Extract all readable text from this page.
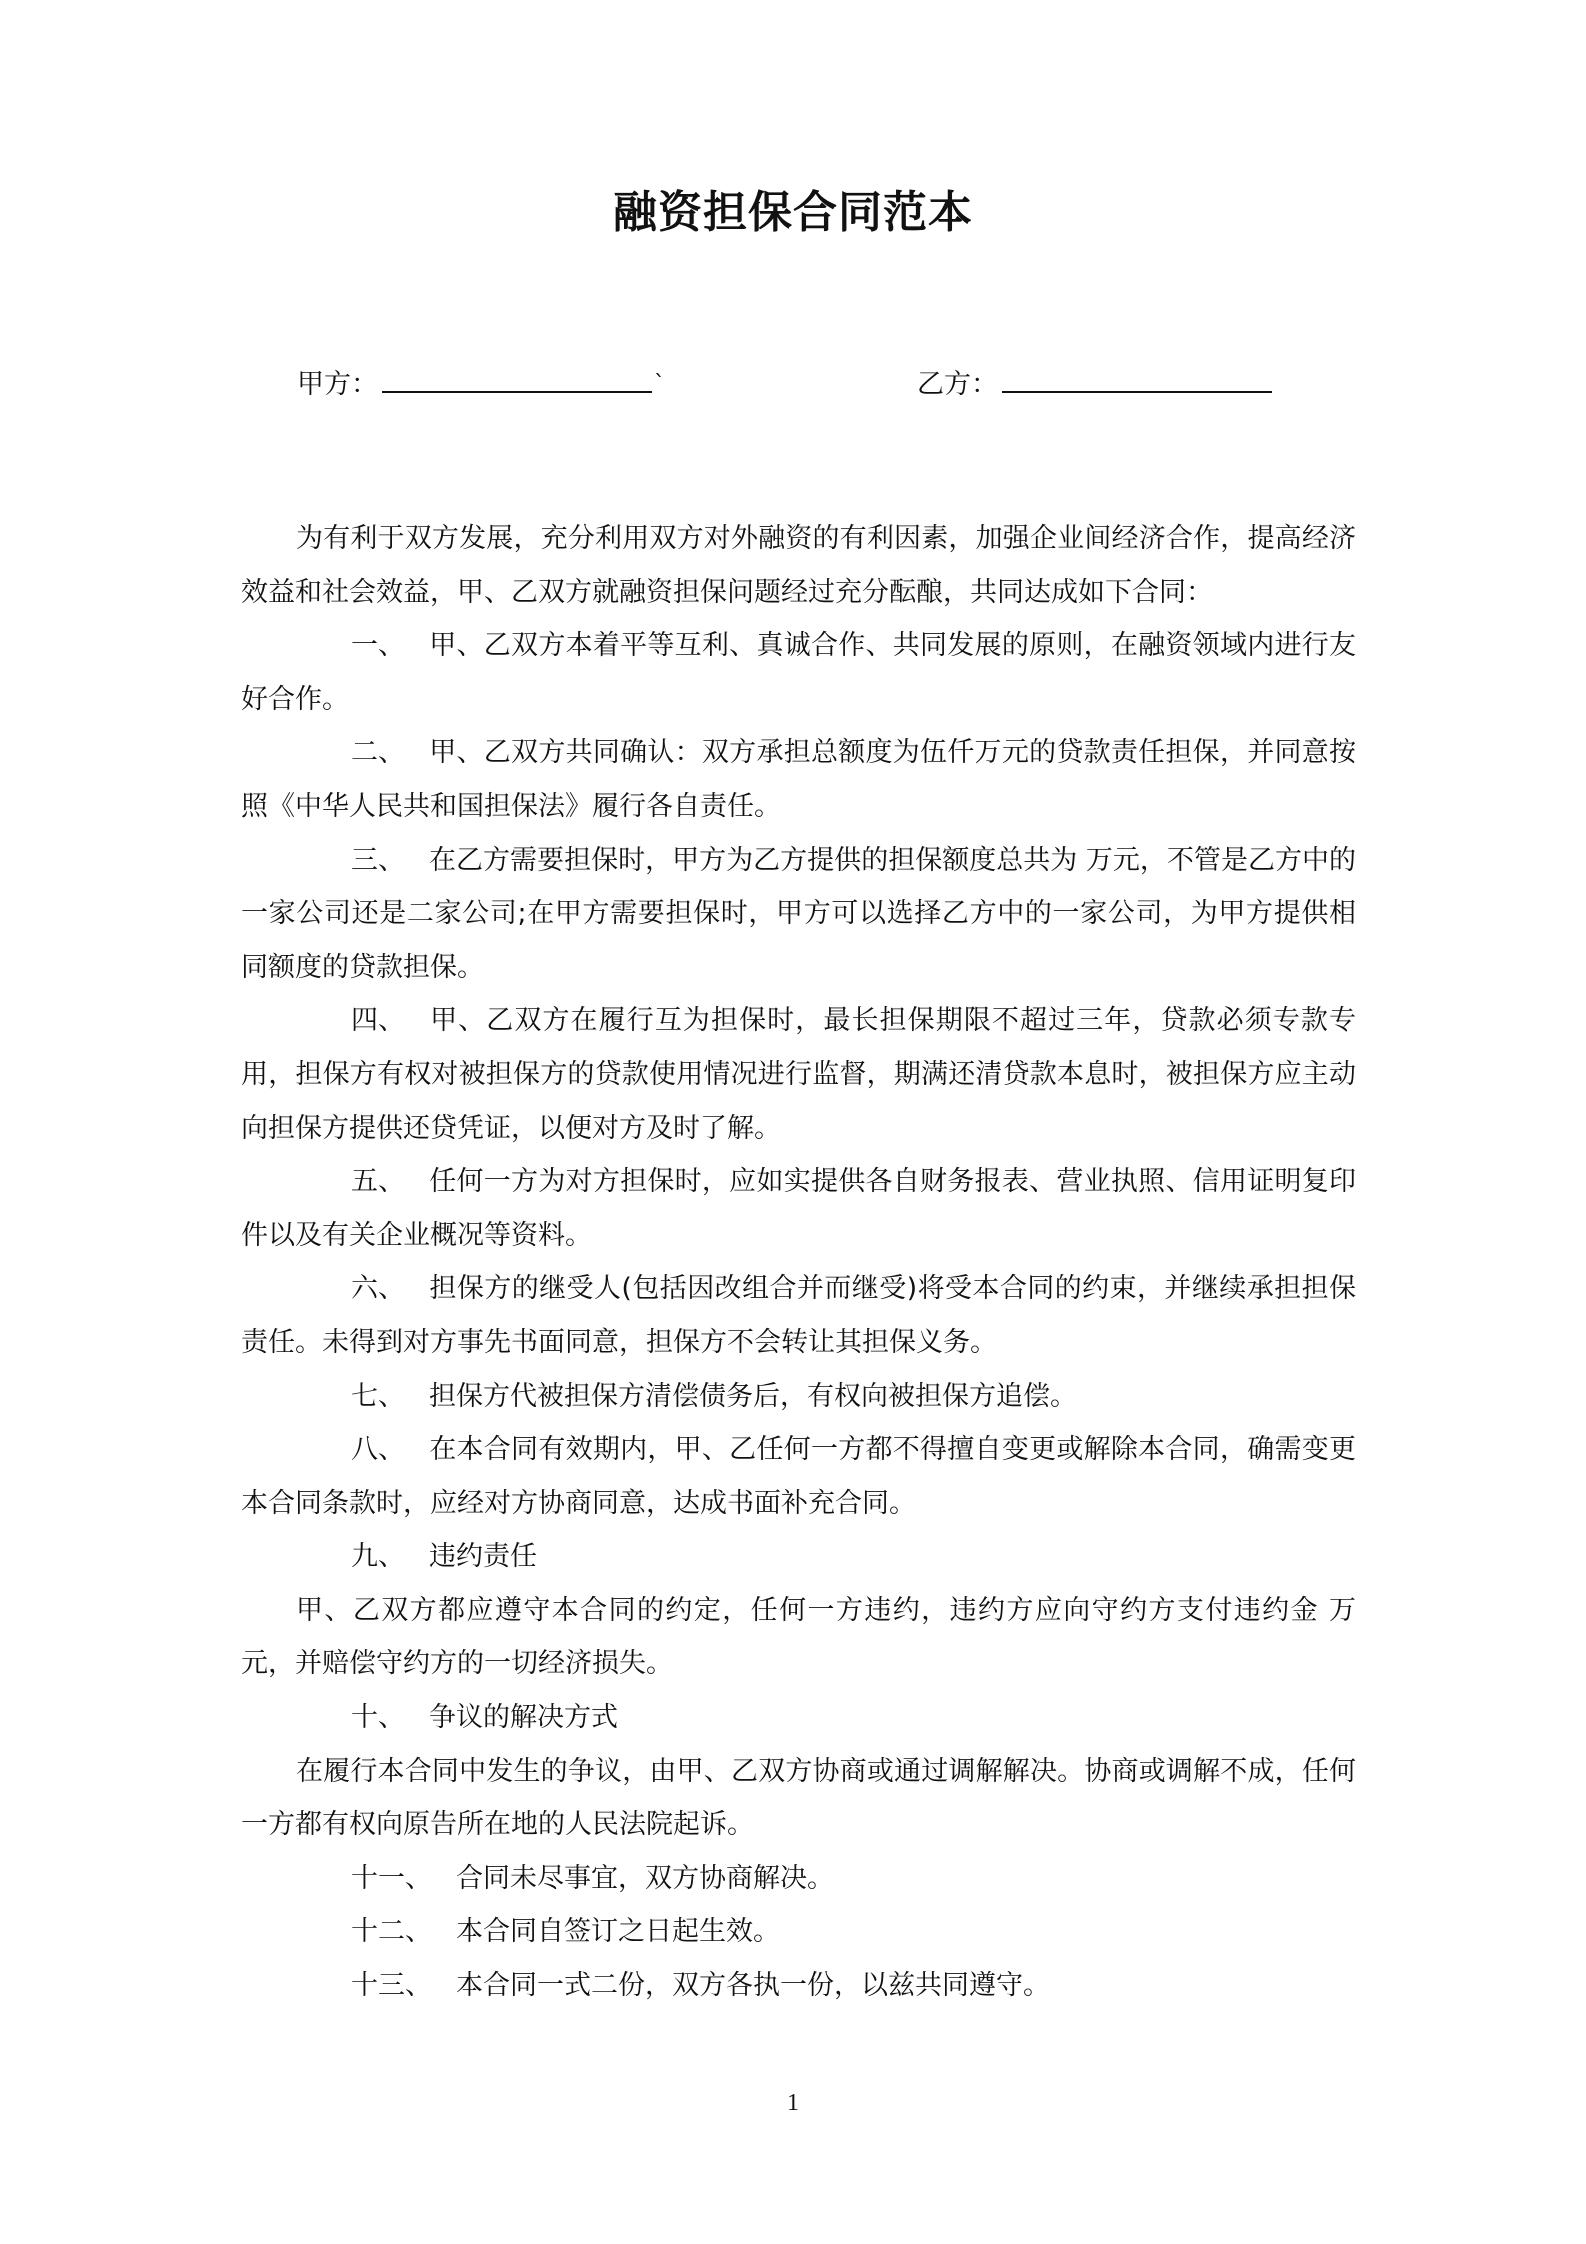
融资担保合同范本
甲方：	`	乙方：

为有利于双方发展，充分利用双方对外融资的有利因素，加强企业间经济合作，提高经济效益和社会效益，甲、乙双方就融资担保问题经过充分酝酿，共同达成如下合同：

一、 甲、乙双方本着平等互利、真诚合作、共同发展的原则，在融资领域内进行友好合作。

二、 甲、乙双方共同确认：双方承担总额度为伍仟万元的贷款责任担保，并同意按照《中华人民共和国担保法》履行各自责任。

三、 在乙方需要担保时，甲方为乙方提供的担保额度总共为 万元，不管是乙方中的一家公司还是二家公司;在甲方需要担保时，甲方可以选择乙方中的一家公司，为甲方提供相同额度的贷款担保。

四、 甲、乙双方在履行互为担保时，最长担保期限不超过三年，贷款必须专款专用，担保方有权对被担保方的贷款使用情况进行监督，期满还清贷款本息时，被担保方应主动向担保方提供还贷凭证，以便对方及时了解。

五、 任何一方为对方担保时，应如实提供各自财务报表、营业执照、信用证明复印件以及有关企业概况等资料。

六、 担保方的继受人(包括因改组合并而继受)将受本合同的约束，并继续承担担保责任。未得到对方事先书面同意，担保方不会转让其担保义务。

七、 担保方代被担保方清偿债务后，有权向被担保方追偿。

八、 在本合同有效期内，甲、乙任何一方都不得擅自变更或解除本合同，确需变更本合同条款时，应经对方协商同意，达成书面补充合同。

九、 违约责任

甲、乙双方都应遵守本合同的约定，任何一方违约，违约方应向守约方支付违约金 万元，并赔偿守约方的一切经济损失。

十、 争议的解决方式

在履行本合同中发生的争议，由甲、乙双方协商或通过调解解决。协商或调解不成，任何一方都有权向原告所在地的人民法院起诉。

十一、 合同未尽事宜，双方协商解决。

十二、 本合同自签订之日起生效。

十三、 本合同一式二份，双方各执一份，以兹共同遵守。

1
